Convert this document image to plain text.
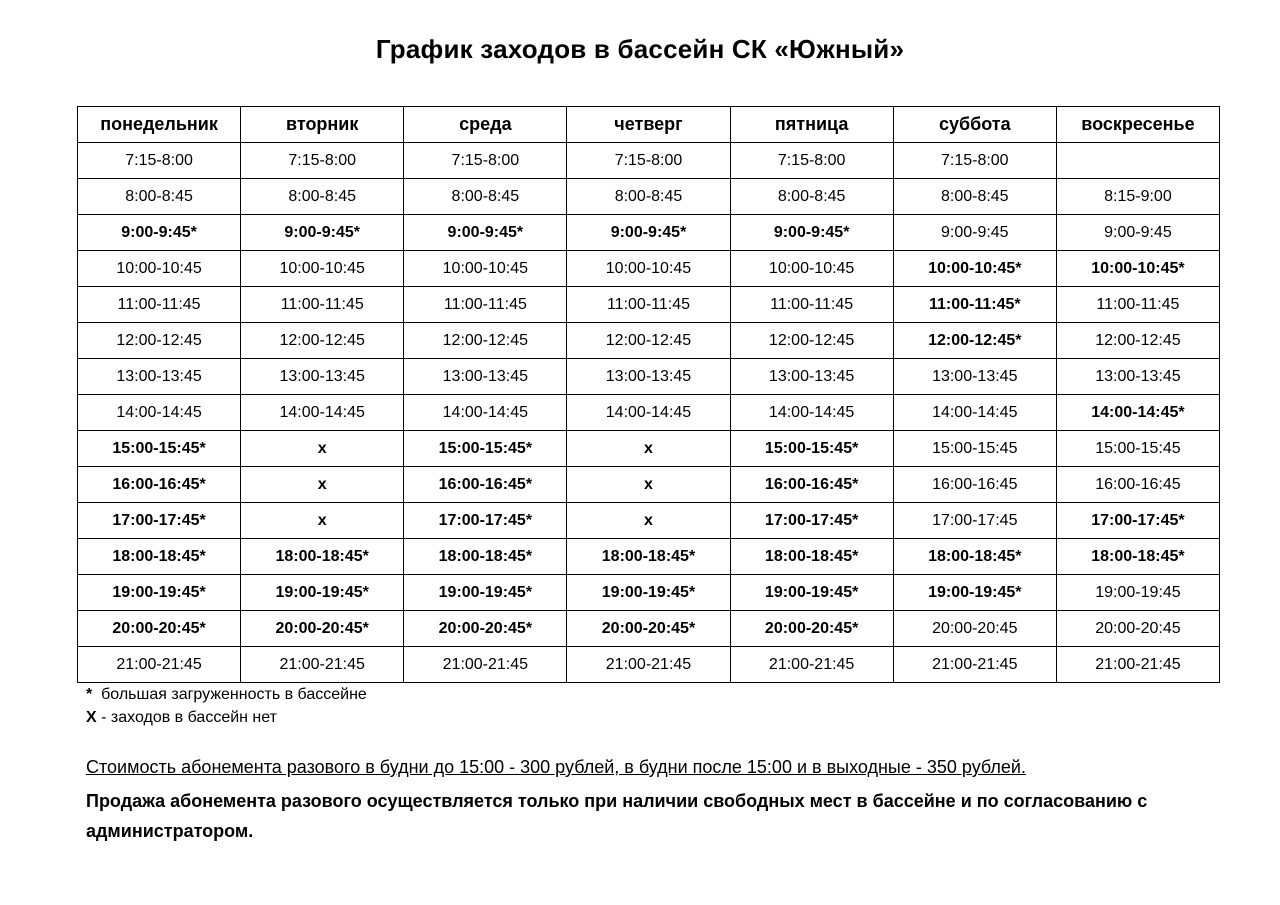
График заходов в бассейн СК «Южный»
понедельник	вторник	среда	четверг	пятница	суббота	воскресенье
7:15-8:00	7:15-8:00	7:15-8:00	7:15-8:00	7:15-8:00	7:15-8:00	
8:00-8:45	8:00-8:45	8:00-8:45	8:00-8:45	8:00-8:45	8:00-8:45	8:15-9:00
9:00-9:45*	9:00-9:45*	9:00-9:45*	9:00-9:45*	9:00-9:45*	9:00-9:45	9:00-9:45
10:00-10:45	10:00-10:45	10:00-10:45	10:00-10:45	10:00-10:45	10:00-10:45*	10:00-10:45*
11:00-11:45	11:00-11:45	11:00-11:45	11:00-11:45	11:00-11:45	11:00-11:45*	11:00-11:45
12:00-12:45	12:00-12:45	12:00-12:45	12:00-12:45	12:00-12:45	12:00-12:45*	12:00-12:45
13:00-13:45	13:00-13:45	13:00-13:45	13:00-13:45	13:00-13:45	13:00-13:45	13:00-13:45
14:00-14:45	14:00-14:45	14:00-14:45	14:00-14:45	14:00-14:45	14:00-14:45	14:00-14:45*
15:00-15:45*	х	15:00-15:45*	х	15:00-15:45*	15:00-15:45	15:00-15:45
16:00-16:45*	х	16:00-16:45*	х	16:00-16:45*	16:00-16:45	16:00-16:45
17:00-17:45*	х	17:00-17:45*	х	17:00-17:45*	17:00-17:45	17:00-17:45*
18:00-18:45*	18:00-18:45*	18:00-18:45*	18:00-18:45*	18:00-18:45*	18:00-18:45*	18:00-18:45*
19:00-19:45*	19:00-19:45*	19:00-19:45*	19:00-19:45*	19:00-19:45*	19:00-19:45*	19:00-19:45
20:00-20:45*	20:00-20:45*	20:00-20:45*	20:00-20:45*	20:00-20:45*	20:00-20:45	20:00-20:45
21:00-21:45	21:00-21:45	21:00-21:45	21:00-21:45	21:00-21:45	21:00-21:45	21:00-21:45
*  большая загруженность в бассейне
Х - заходов в бассейн нет
Стоимость абонемента разового в будни до 15:00 - 300 рублей, в будни после 15:00 и в выходные - 350 рублей.
Продажа абонемента разового осуществляется только при наличии свободных мест в бассейне и по согласованию с администратором.
